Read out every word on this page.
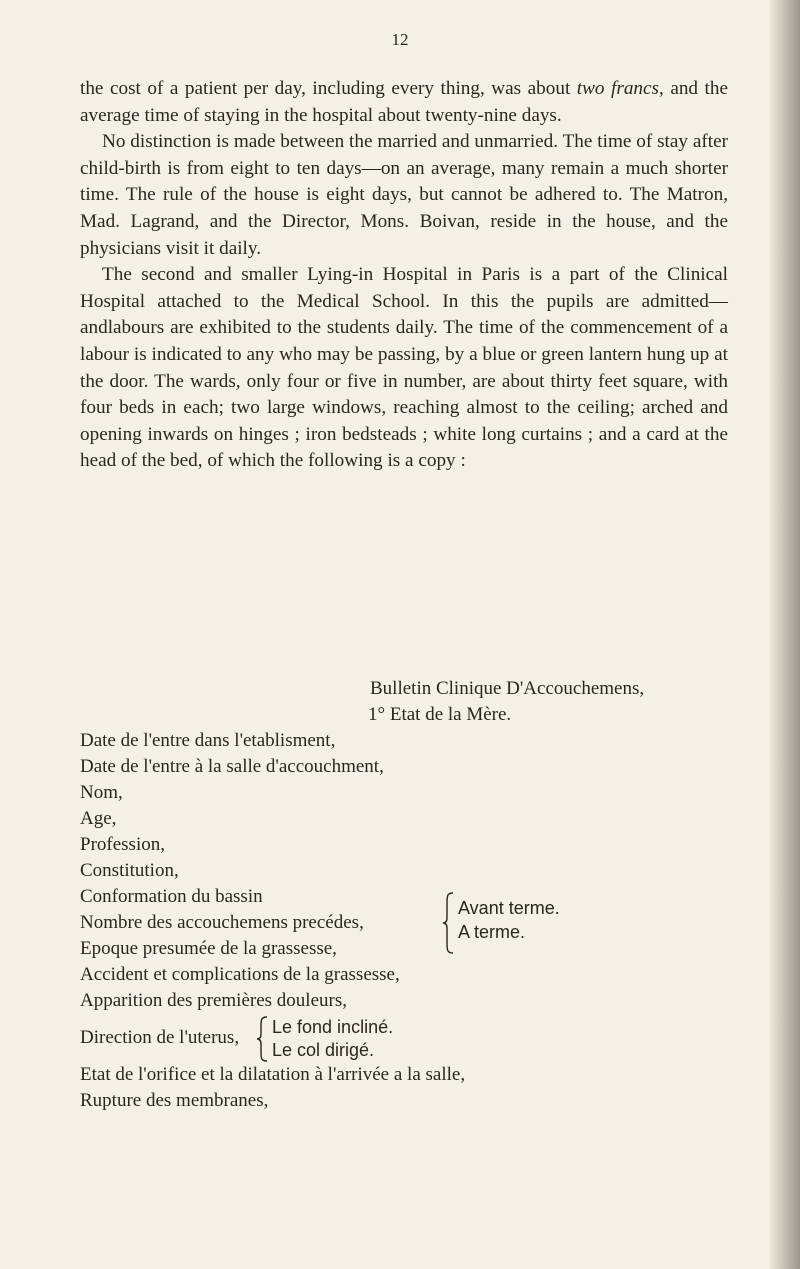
12

the cost of a patient per day, including every thing, was about two francs, and the average time of staying in the hospital about twenty-nine days.

No distinction is made between the married and unmarried. The time of stay after child-birth is from eight to ten days—on an average, many remain a much shorter time. The rule of the house is eight days, but cannot be adhered to. The Matron, Mad. Lagrand, and the Director, Mons. Boivan, reside in the house, and the physicians visit it daily.

The second and smaller Lying-in Hospital in Paris is a part of the Clinical Hospital attached to the Medical School. In this the pupils are admitted—andlabours are exhibited to the students daily. The time of the commencement of a labour is indicated to any who may be passing, by a blue or green lantern hung up at the door. The wards, only four or five in number, are about thirty feet square, with four beds in each; two large windows, reaching almost to the ceiling; arched and opening inwards on hinges ; iron bedsteads ; white long curtains ; and a card at the head of the bed, of which the following is a copy :

Bulletin Clinique D'Accouchemens,
1° Etat de la Mère.
Date de l'entre dans l'etablisment,
Date de l'entre à la salle d'accouchment,
Nom,
Age,
Profession,
Constitution,
Conformation du bassin
Nombre des accouchemens precédes,
Epoque presumée de la grassesse,
Avant terme.
A terme.
Accident et complications de la grassesse,
Apparition des premières douleurs,
Direction de l'uterus, Le fond incliné.
Le col dirigé.
Etat de l'orifice et la dilatation à l'arrivée a la salle,
Rupture des membranes,
